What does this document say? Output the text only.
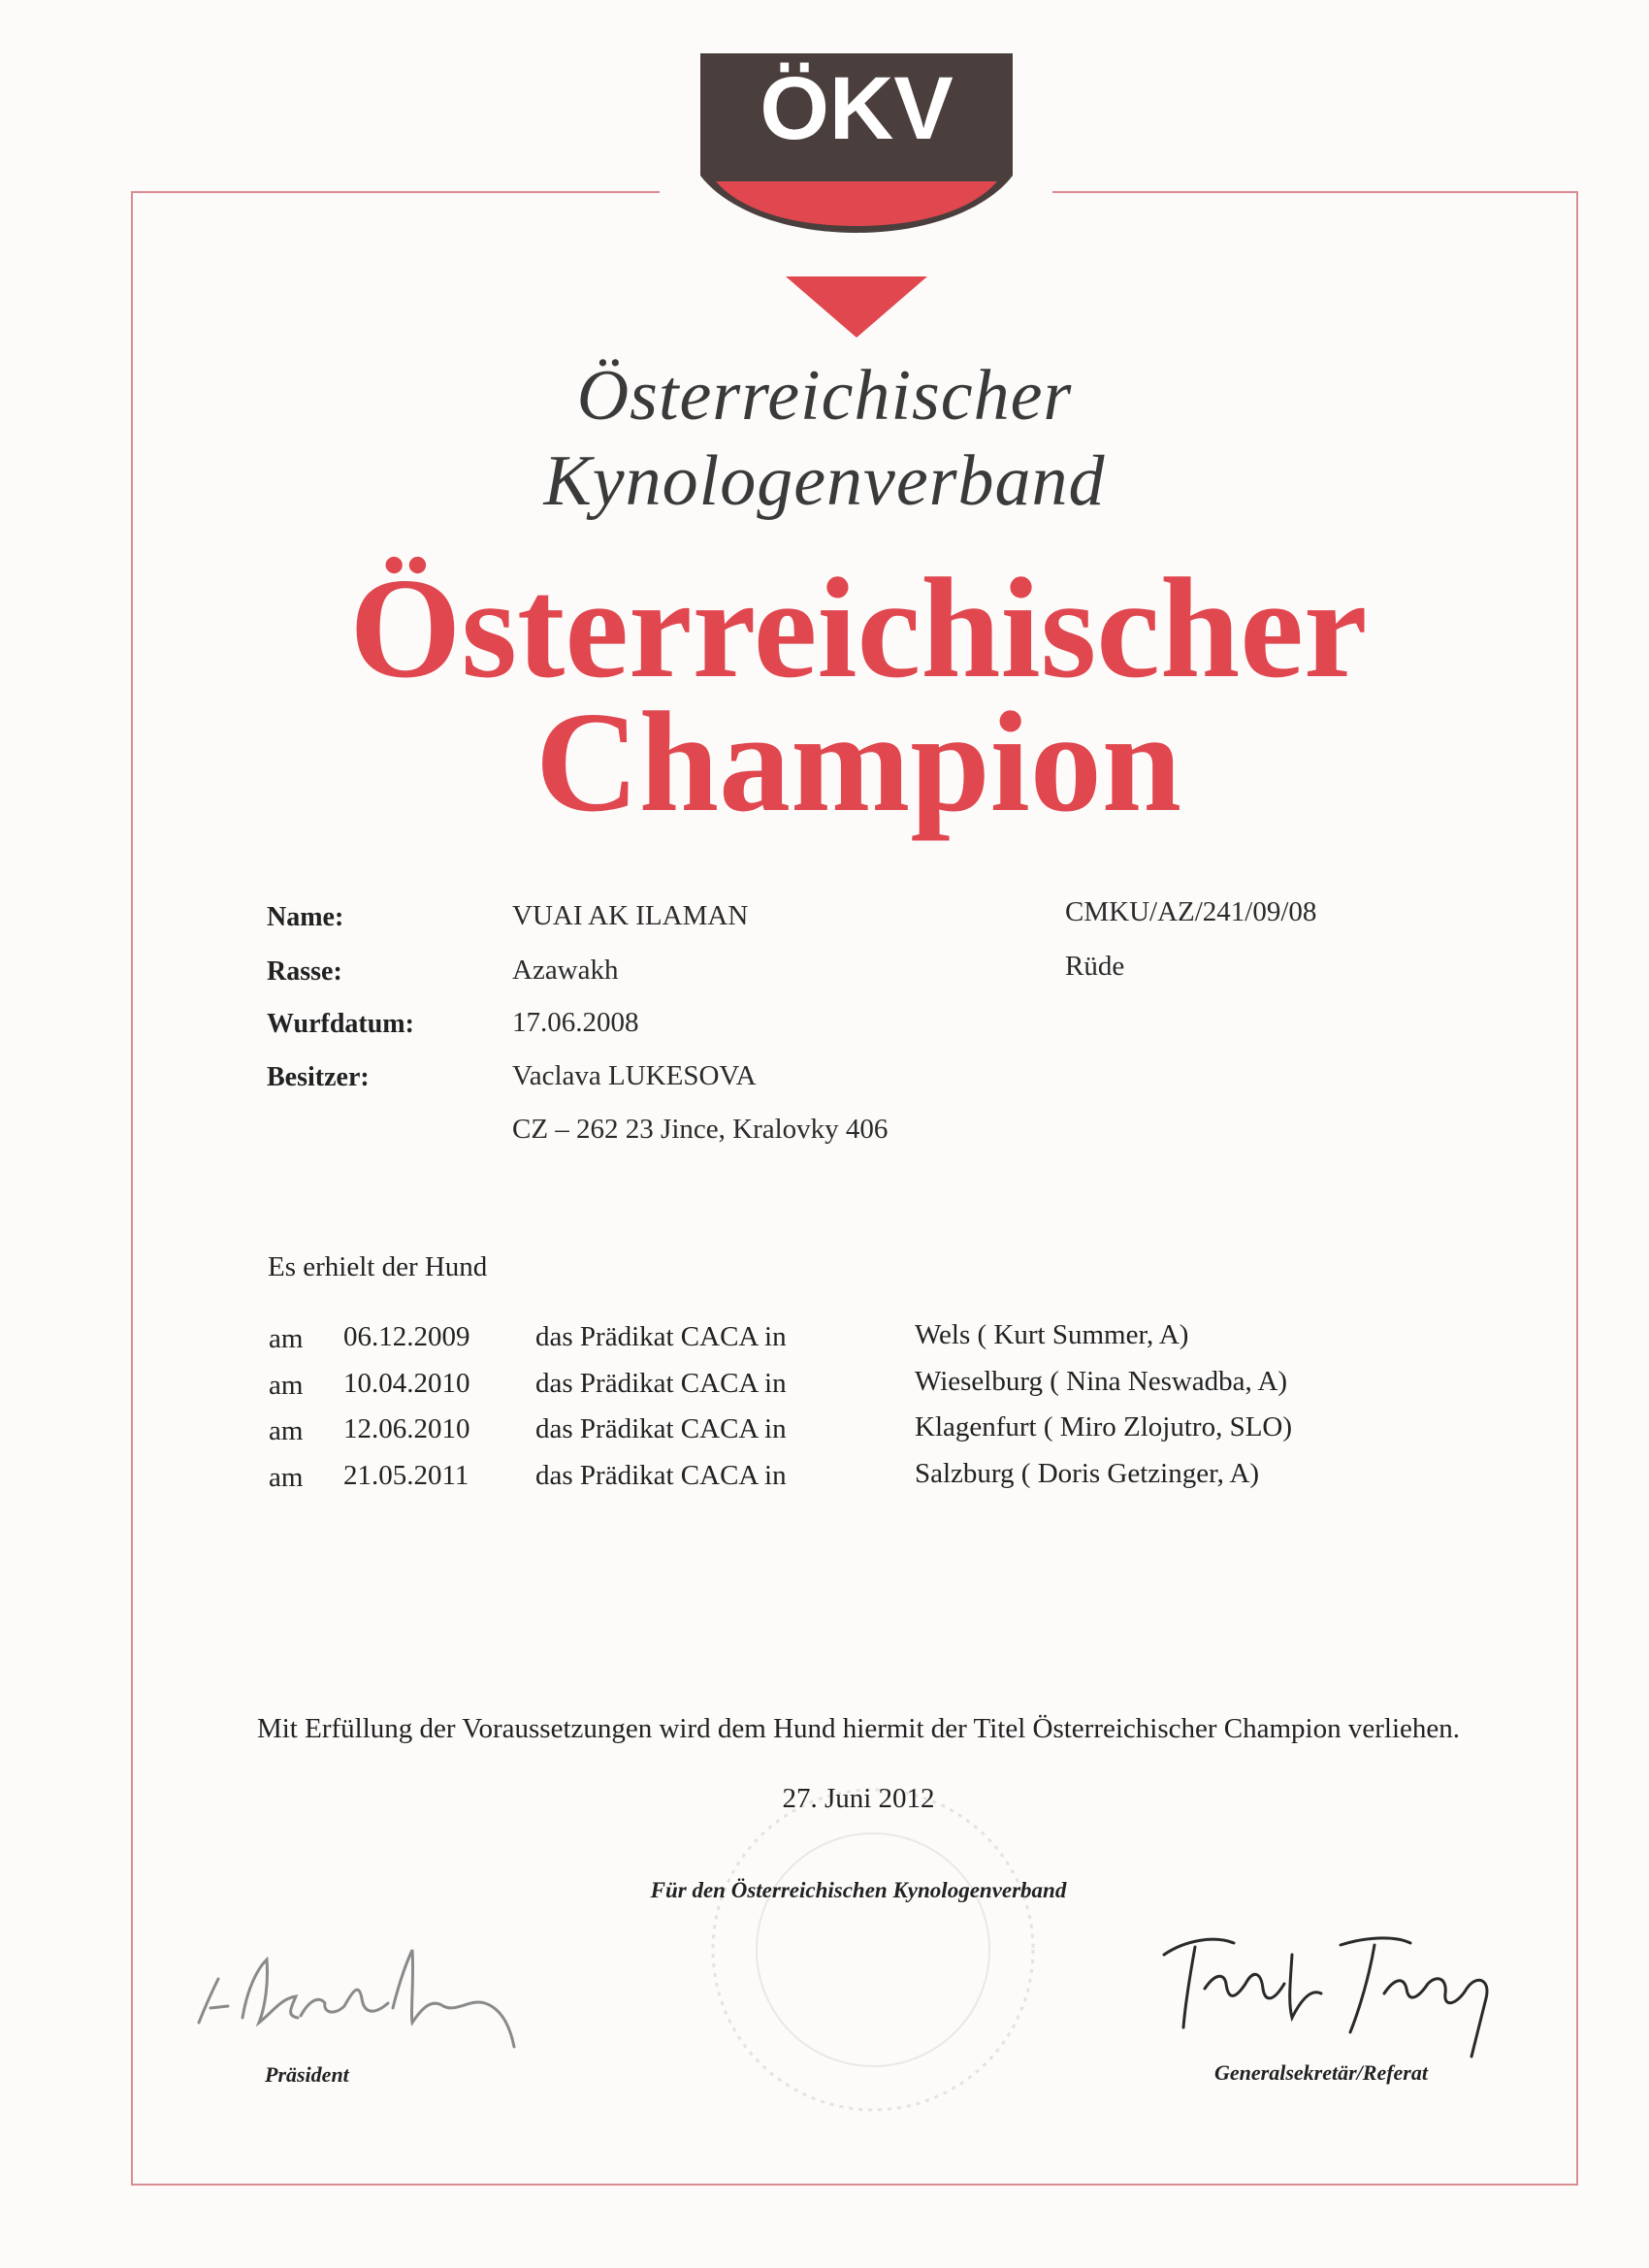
ÖKV
Österreichischer
Kynologenverband
Österreichischer
Champion
Name:	VUAI AK ILAMAN	CMKU/AZ/241/09/08
Rasse:	Azawakh	Rüde
Wurfdatum:	17.06.2008
Besitzer:	Vaclava LUKESOVA
CZ – 262 23 Jince, Kralovky 406
Es erhielt der Hund
am 06.12.2009 das Prädikat CACA in	Wels ( Kurt Summer, A)
am 10.04.2010 das Prädikat CACA in	Wieselburg ( Nina Neswadba, A)
am 12.06.2010 das Prädikat CACA in	Klagenfurt ( Miro Zlojutro, SLO)
am 21.05.2011 das Prädikat CACA in	Salzburg ( Doris Getzinger, A)
Mit Erfüllung der Voraussetzungen wird dem Hund hiermit der Titel Österreichischer Champion verliehen.
27. Juni 2012
Für den Österreichischen Kynologenverband
Präsident	Generalsekretär/Referat
